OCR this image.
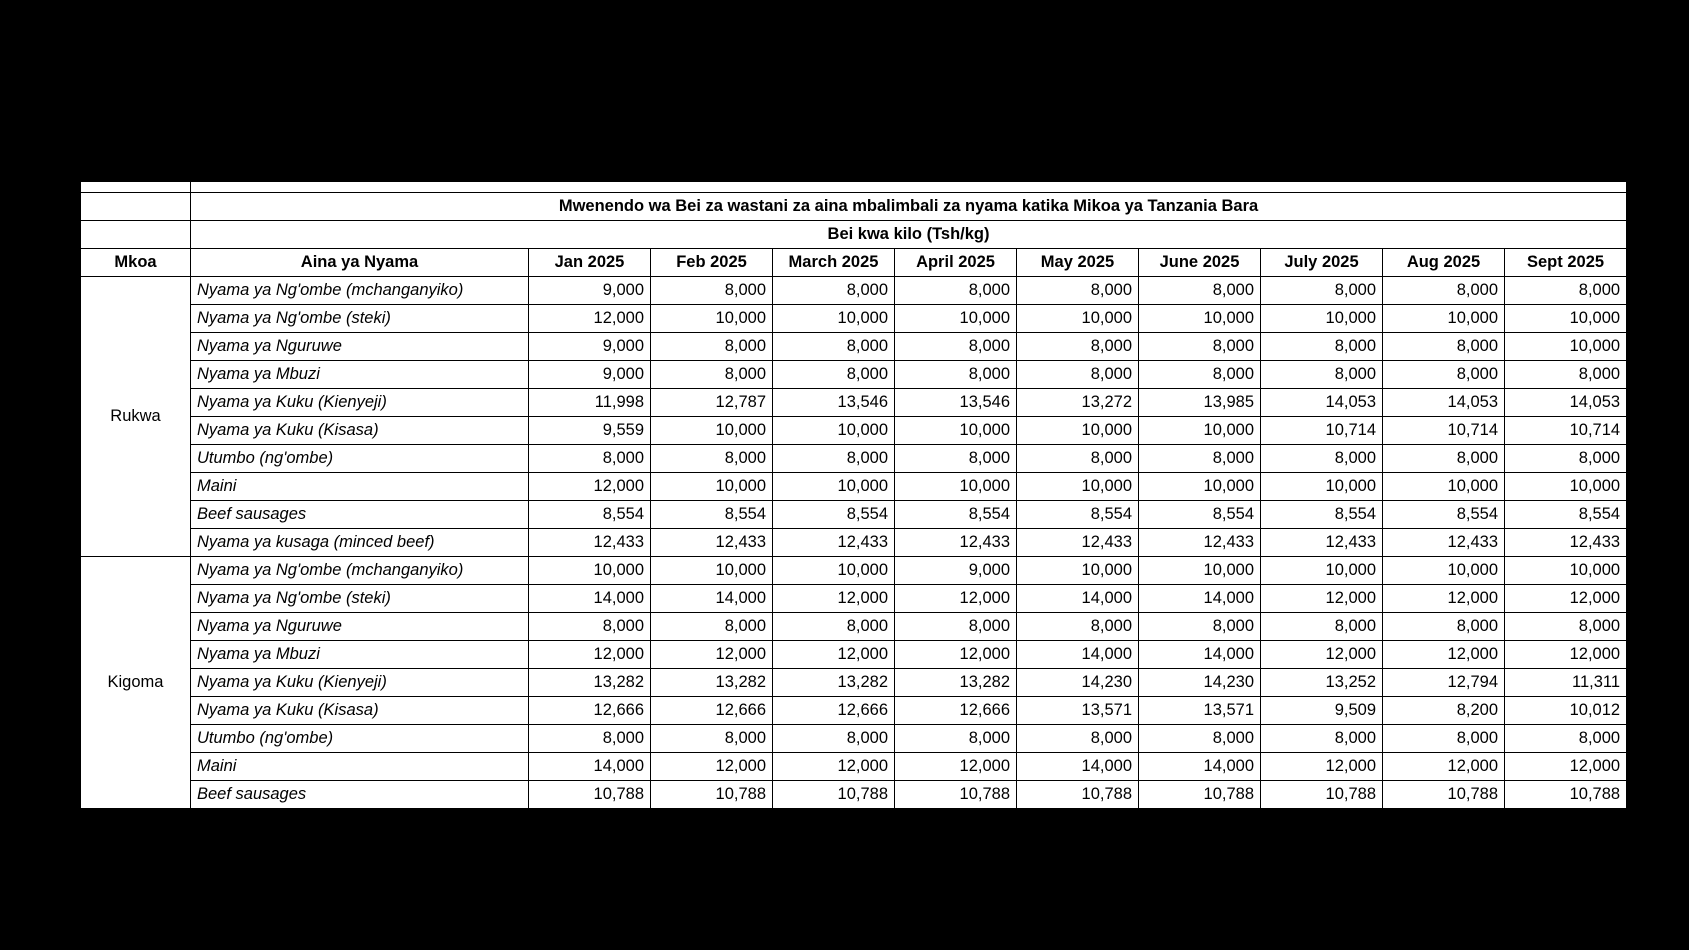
	Mwenendo wa Bei za wastani za aina mbalimbali za nyama katika Mikoa ya Tanzania Bara									
	Bei kwa kilo (Tsh/kg)									
Mkoa	Aina ya Nyama	Jan 2025	Feb 2025	March 2025	April 2025	May 2025	June 2025	July 2025	Aug 2025	Sept 2025
Rukwa	Nyama ya Ng'ombe (mchanganyiko)	9,000	8,000	8,000	8,000	8,000	8,000	8,000	8,000	8,000
	Nyama ya Ng'ombe (steki)	12,000	10,000	10,000	10,000	10,000	10,000	10,000	10,000	10,000
	Nyama ya Nguruwe	9,000	8,000	8,000	8,000	8,000	8,000	8,000	8,000	10,000
	Nyama ya Mbuzi	9,000	8,000	8,000	8,000	8,000	8,000	8,000	8,000	8,000
	Nyama ya Kuku (Kienyeji)	11,998	12,787	13,546	13,546	13,272	13,985	14,053	14,053	14,053
	Nyama ya Kuku (Kisasa)	9,559	10,000	10,000	10,000	10,000	10,000	10,714	10,714	10,714
	Utumbo (ng'ombe)	8,000	8,000	8,000	8,000	8,000	8,000	8,000	8,000	8,000
	Maini	12,000	10,000	10,000	10,000	10,000	10,000	10,000	10,000	10,000
	Beef sausages	8,554	8,554	8,554	8,554	8,554	8,554	8,554	8,554	8,554
	Nyama ya kusaga (minced beef)	12,433	12,433	12,433	12,433	12,433	12,433	12,433	12,433	12,433
Kigoma	Nyama ya Ng'ombe (mchanganyiko)	10,000	10,000	10,000	9,000	10,000	10,000	10,000	10,000	10,000
	Nyama ya Ng'ombe (steki)	14,000	14,000	12,000	12,000	14,000	14,000	12,000	12,000	12,000
	Nyama ya Nguruwe	8,000	8,000	8,000	8,000	8,000	8,000	8,000	8,000	8,000
	Nyama ya Mbuzi	12,000	12,000	12,000	12,000	14,000	14,000	12,000	12,000	12,000
	Nyama ya Kuku (Kienyeji)	13,282	13,282	13,282	13,282	14,230	14,230	13,252	12,794	11,311
	Nyama ya Kuku (Kisasa)	12,666	12,666	12,666	12,666	13,571	13,571	9,509	8,200	10,012
	Utumbo (ng'ombe)	8,000	8,000	8,000	8,000	8,000	8,000	8,000	8,000	8,000
	Maini	14,000	12,000	12,000	12,000	14,000	14,000	12,000	12,000	12,000
	Beef sausages	10,788	10,788	10,788	10,788	10,788	10,788	10,788	10,788	10,788
